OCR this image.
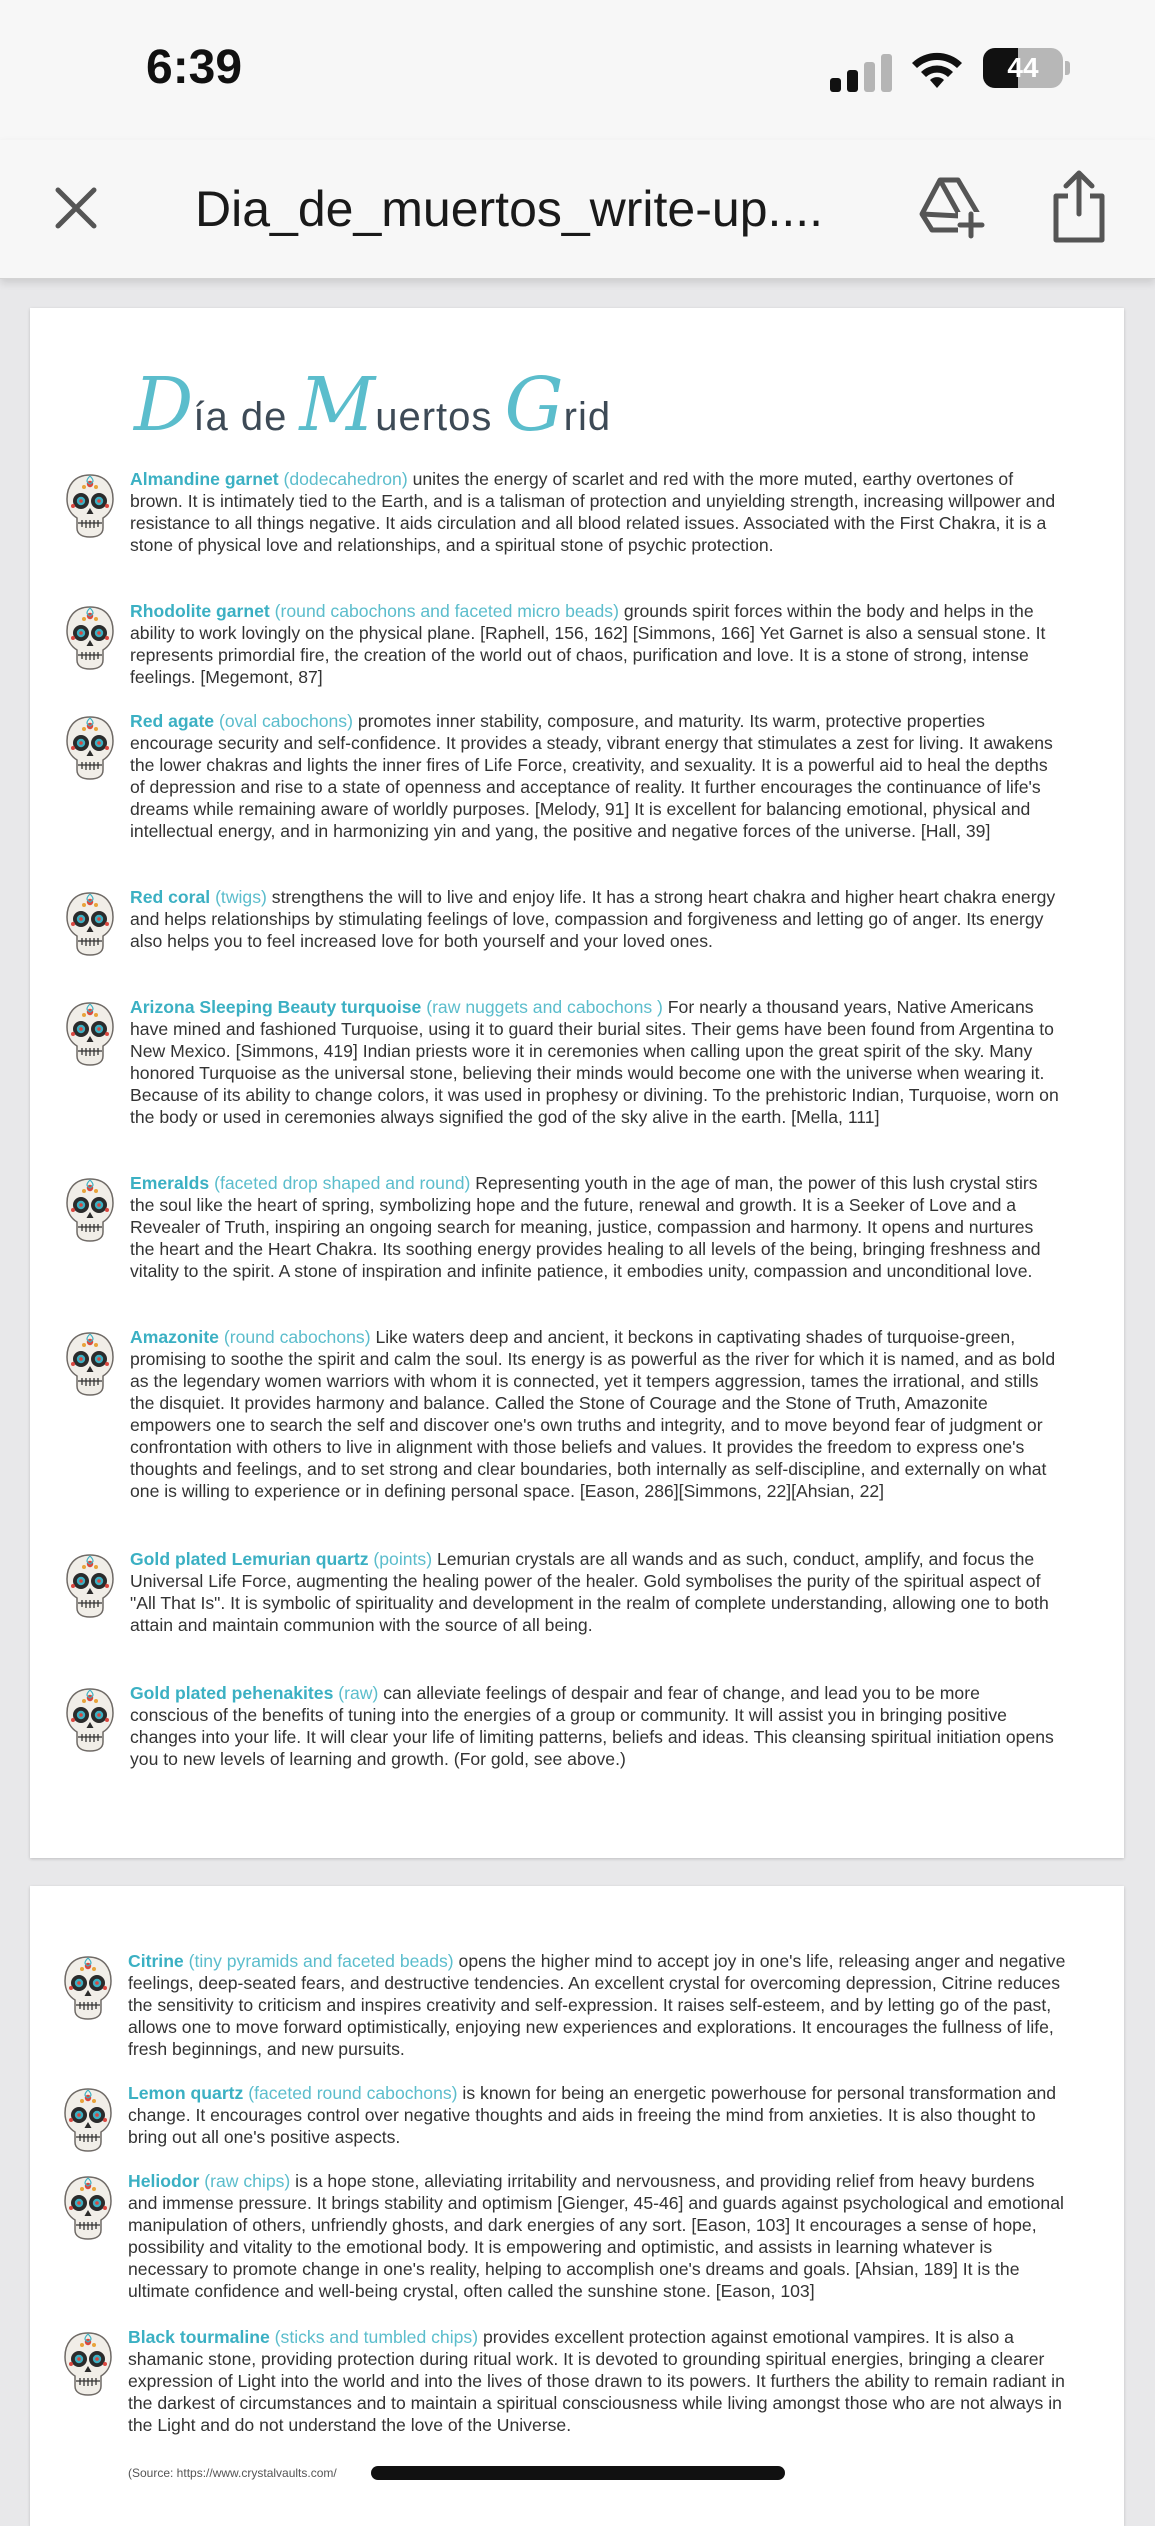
6:39	44
Dia_de_muertos_write-up....
Día de Muertos Grid
Almandine garnet (dodecahedron) unites the energy of scarlet and red with the more muted, earthy overtones of brown. It is intimately tied to the Earth, and is a talisman of protection and unyielding strength, increasing willpower and resistance to all things negative. It aids circulation and all blood related issues. Associated with the First Chakra, it is a stone of physical love and relationships, and a spiritual stone of psychic protection.
Rhodolite garnet (round cabochons and faceted micro beads) grounds spirit forces within the body and helps in the ability to work lovingly on the physical plane. [Raphell, 156, 162] [Simmons, 166] Yet Garnet is also a sensual stone. It represents primordial fire, the creation of the world out of chaos, purification and love. It is a stone of strong, intense feelings. [Megemont, 87]
Red agate (oval cabochons) promotes inner stability, composure, and maturity. Its warm, protective properties encourage security and self-confidence. It provides a steady, vibrant energy that stimulates a zest for living. It awakens the lower chakras and lights the inner fires of Life Force, creativity, and sexuality. It is a powerful aid to heal the depths of depression and rise to a state of openness and acceptance of reality. It further encourages the continuance of life's dreams while remaining aware of worldly purposes. [Melody, 91] It is excellent for balancing emotional, physical and intellectual energy, and in harmonizing yin and yang, the positive and negative forces of the universe. [Hall, 39]
Red coral (twigs) strengthens the will to live and enjoy life. It has a strong heart chakra and higher heart chakra energy and helps relationships by stimulating feelings of love, compassion and forgiveness and letting go of anger. Its energy also helps you to feel increased love for both yourself and your loved ones.
Arizona Sleeping Beauty turquoise (raw nuggets and cabochons ) For nearly a thousand years, Native Americans have mined and fashioned Turquoise, using it to guard their burial sites. Their gems have been found from Argentina to New Mexico. [Simmons, 419] Indian priests wore it in ceremonies when calling upon the great spirit of the sky. Many honored Turquoise as the universal stone, believing their minds would become one with the universe when wearing it. Because of its ability to change colors, it was used in prophesy or divining. To the prehistoric Indian, Turquoise, worn on the body or used in ceremonies always signified the god of the sky alive in the earth. [Mella, 111]
Emeralds (faceted drop shaped and round) Representing youth in the age of man, the power of this lush crystal stirs the soul like the heart of spring, symbolizing hope and the future, renewal and growth. It is a Seeker of Love and a Revealer of Truth, inspiring an ongoing search for meaning, justice, compassion and harmony. It opens and nurtures the heart and the Heart Chakra. Its soothing energy provides healing to all levels of the being, bringing freshness and vitality to the spirit. A stone of inspiration and infinite patience, it embodies unity, compassion and unconditional love.
Amazonite (round cabochons) Like waters deep and ancient, it beckons in captivating shades of turquoise-green, promising to soothe the spirit and calm the soul. Its energy is as powerful as the river for which it is named, and as bold as the legendary women warriors with whom it is connected, yet it tempers aggression, tames the irrational, and stills the disquiet. It provides harmony and balance. Called the Stone of Courage and the Stone of Truth, Amazonite empowers one to search the self and discover one's own truths and integrity, and to move beyond fear of judgment or confrontation with others to live in alignment with those beliefs and values. It provides the freedom to express one's thoughts and feelings, and to set strong and clear boundaries, both internally as self-discipline, and externally on what one is willing to experience or in defining personal space. [Eason, 286][Simmons, 22][Ahsian, 22]
Gold plated Lemurian quartz (points) Lemurian crystals are all wands and as such, conduct, amplify, and focus the Universal Life Force, augmenting the healing power of the healer. Gold symbolises the purity of the spiritual aspect of "All That Is". It is symbolic of spirituality and development in the realm of complete understanding, allowing one to both attain and maintain communion with the source of all being.
Gold plated pehenakites (raw) can alleviate feelings of despair and fear of change, and lead you to be more conscious of the benefits of tuning into the energies of a group or community. It will assist you in bringing positive changes into your life. It will clear your life of limiting patterns, beliefs and ideas. This cleansing spiritual initiation opens you to new levels of learning and growth. (For gold, see above.)
Citrine (tiny pyramids and faceted beads) opens the higher mind to accept joy in one's life, releasing anger and negative feelings, deep-seated fears, and destructive tendencies. An excellent crystal for overcoming depression, Citrine reduces the sensitivity to criticism and inspires creativity and self-expression. It raises self-esteem, and by letting go of the past, allows one to move forward optimistically, enjoying new experiences and explorations. It encourages the fullness of life, fresh beginnings, and new pursuits.
Lemon quartz (faceted round cabochons) is known for being an energetic powerhouse for personal transformation and change. It encourages control over negative thoughts and aids in freeing the mind from anxieties. It is also thought to bring out all one's positive aspects.
Heliodor (raw chips) is a hope stone, alleviating irritability and nervousness, and providing relief from heavy burdens and immense pressure. It brings stability and optimism [Gienger, 45-46] and guards against psychological and emotional manipulation of others, unfriendly ghosts, and dark energies of any sort. [Eason, 103] It encourages a sense of hope, possibility and vitality to the emotional body. It is empowering and optimistic, and assists in learning whatever is necessary to promote change in one's reality, helping to accomplish one's dreams and goals. [Ahsian, 189] It is the ultimate confidence and well-being crystal, often called the sunshine stone. [Eason, 103]
Black tourmaline (sticks and tumbled chips) provides excellent protection against emotional vampires. It is also a shamanic stone, providing protection during ritual work. It is devoted to grounding spiritual energies, bringing a clearer expression of Light into the world and into the lives of those drawn to its powers. It furthers the ability to remain radiant in the darkest of circumstances and to maintain a spiritual consciousness while living amongst those who are not always in the Light and do not understand the love of the Universe.
(Source: https://www.crystalvaults.com/
